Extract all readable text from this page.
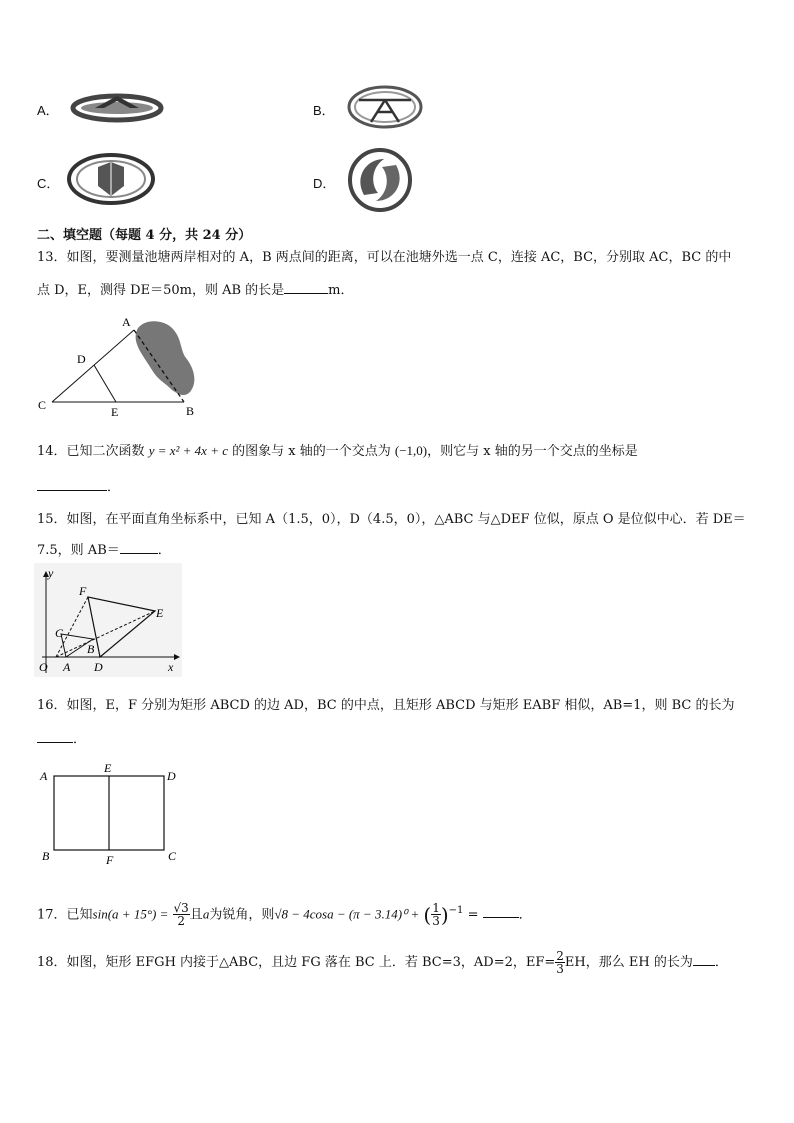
A．	B．
C．	D．
二、填空题（每题 4 分，共 24 分）
13．如图，要测量池塘两岸相对的 A，B 两点间的距离，可以在池塘外选一点 C，连接 AC，BC，分别取 AC，BC 的中
点 D，E，测得 DE＝50m，则 AB 的长是	m．
A
B
C
D
E
14．已知二次函数 y = x² + 4x + c 的图象与 x 轴的一个交点为 (−1,0)，则它与 x 轴的另一个交点的坐标是
．
15．如图，在平面直角坐标系中，已知 A（1.5，0），D（4.5，0），△ABC 与△DEF 位似，原点 O 是位似中心．若 DE＝
7.5，则 AB＝	．
y
x
O A
B
C
D
E
F
16．如图，E，F 分别为矩形 ABCD 的边 AD，BC 的中点，且矩形 ABCD 与矩形 EABF 相似，AB=1，则 BC 的长为
．
A
E
D
B	F	C
17．已知$\sin(a + 15^\circ) = \frac{√3}{2}$ 且a为锐角，则√8 − 4cosa − (π − 3.14)⁰ + ( $\frac{1}{3} )^{-1}$ =	．
18．如图，矩形 EFGH 内接于△ABC，且边 FG 落在 BC 上．若 BC=3，AD=2，$EF= \frac{2}{3}$ EH，那么 EH 的长为 ．
